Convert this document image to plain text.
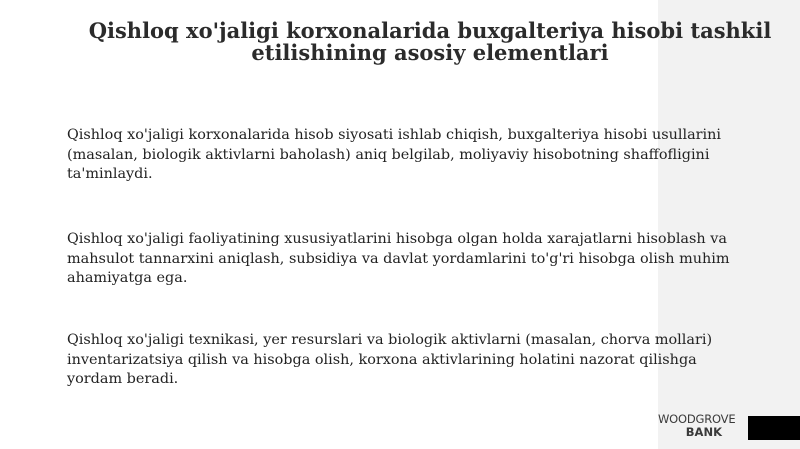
Qishloq xo'jaligi korxonalarida buxgalteriya hisobi tashkil
etilishining asosiy elementlari

Qishloq xo'jaligi korxonalarida hisob siyosati ishlab chiqish, buxgalteriya hisobi usullarini (masalan, biologik aktivlarni baholash) aniq belgilab, moliyaviy hisobotning shaffofligini ta'minlaydi.

Qishloq xo'jaligi faoliyatining xususiyatlarini hisobga olgan holda xarajatlarni hisoblash va mahsulot tannarxini aniqlash, subsidiya va davlat yordamlarini to'g'ri hisobga olish muhim ahamiyatga ega.

Qishloq xo'jaligi texnikasi, yer resurslari va biologik aktivlarni (masalan, chorva mollari) inventarizatsiya qilish va hisobga olish, korxona aktivlarining holatini nazorat qilishga yordam beradi.

WOODGROVE
BANK
